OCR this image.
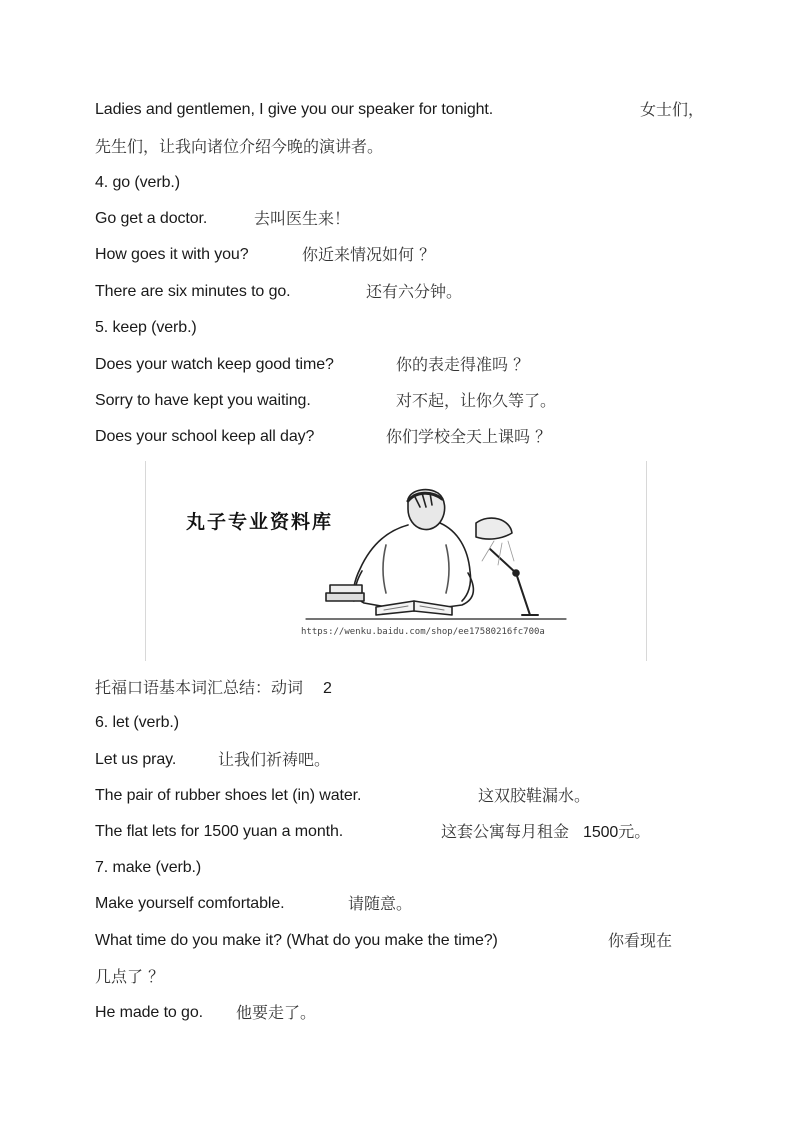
Ladies and gentlemen, I give you our speaker for tonight.	女士们，
先生们，让我向诸位介绍今晚的演讲者。
4. go (verb.)
Go get a doctor.	去叫医生来！
How goes it with you?	你近来情况如何 ？
There are six minutes to go.	还有六分钟。
5. keep (verb.)
Does your watch keep good time?	你的表走得准吗 ？
Sorry to have kept you waiting.	对不起，让你久等了。
Does your school keep all day?	你们学校全天上课吗 ？
丸子专业资料库
https://wenku.baidu.com/shop/ee17580216fc700a
托福口语基本词汇总结：动词 2
6. let (verb.)
Let us pray.	让我们祈祷吧。
The pair of rubber shoes let (in) water.	这双胶鞋漏水。
The flat lets for 1500 yuan a month.	这套公寓每月租金 1500元。
7. make (verb.)
Make yourself comfortable.	请随意。
What time do you make it? (What do you make the time?)	你看现在
几点了 ？
He made to go. 他要走了。
